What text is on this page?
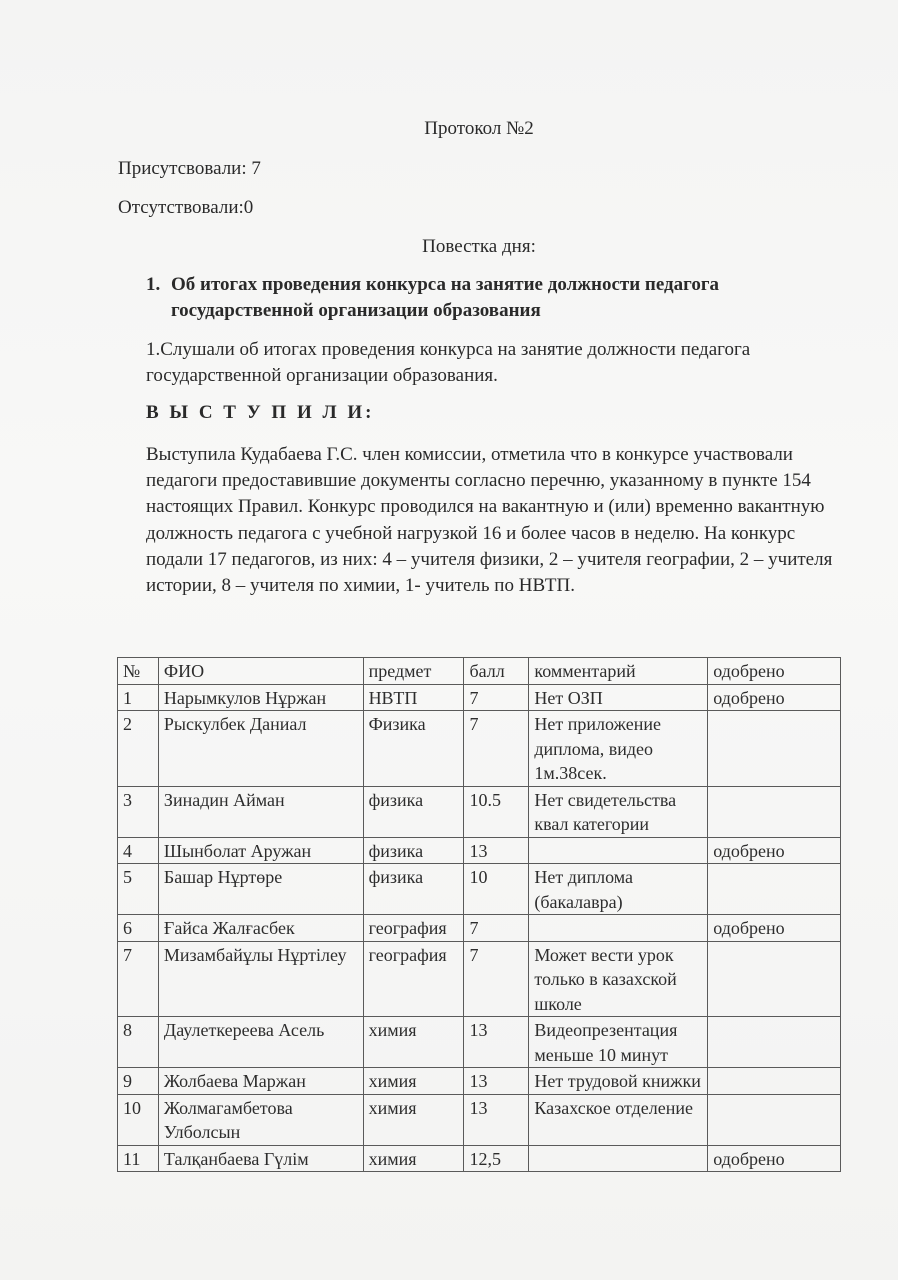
Протокол №2
Присутсвовали: 7
Отсутствовали:0
Повестка дня:
1. Об итогах проведения конкурса на занятие должности педагога государственной организации образования
1.Слушали об итогах проведения конкурса на занятие должности педагога государственной организации образования.
В Ы С Т У П И Л И:
Выступила Кудабаева Г.С. член комиссии, отметила что в конкурсе участвовали педагоги предоставившие документы согласно перечню, указанному в пункте 154 настоящих Правил. Конкурс проводился на вакантную и (или) временно вакантную должность педагога с учебной нагрузкой 16 и более часов в неделю. На конкурс подали 17 педагогов, из них: 4 – учителя физики, 2 – учителя географии, 2 – учителя истории, 8 – учителя по химии, 1- учитель по НВТП.
№	ФИО	предмет	балл	комментарий	одобрено
1	Нарымкулов Нұржан	НВТП	7	Нет ОЗП	одобрено
2	Рыскулбек Даниал	Физика	7	Нет приложение диплома, видео 1м.38сек.	
3	Зинадин Айман	физика	10.5	Нет свидетельства квал категории	
4	Шынболат Аружан	физика	13		одобрено
5	Башар Нұртөре	физика	10	Нет диплома (бакалавра)	
6	Ғайса Жалғасбек	география	7		одобрено
7	Мизамбайұлы Нұртілеу	география	7	Может вести урок только в казахской школе	
8	Даулеткереева Асель	химия	13	Видеопрезентация меньше 10 минут	
9	Жолбаева Маржан	химия	13	Нет трудовой книжки	
10	Жолмагамбетова Улболсын	химия	13	Казахское отделение	
11	Талқанбаева Гүлім	химия	12,5		одобрено
